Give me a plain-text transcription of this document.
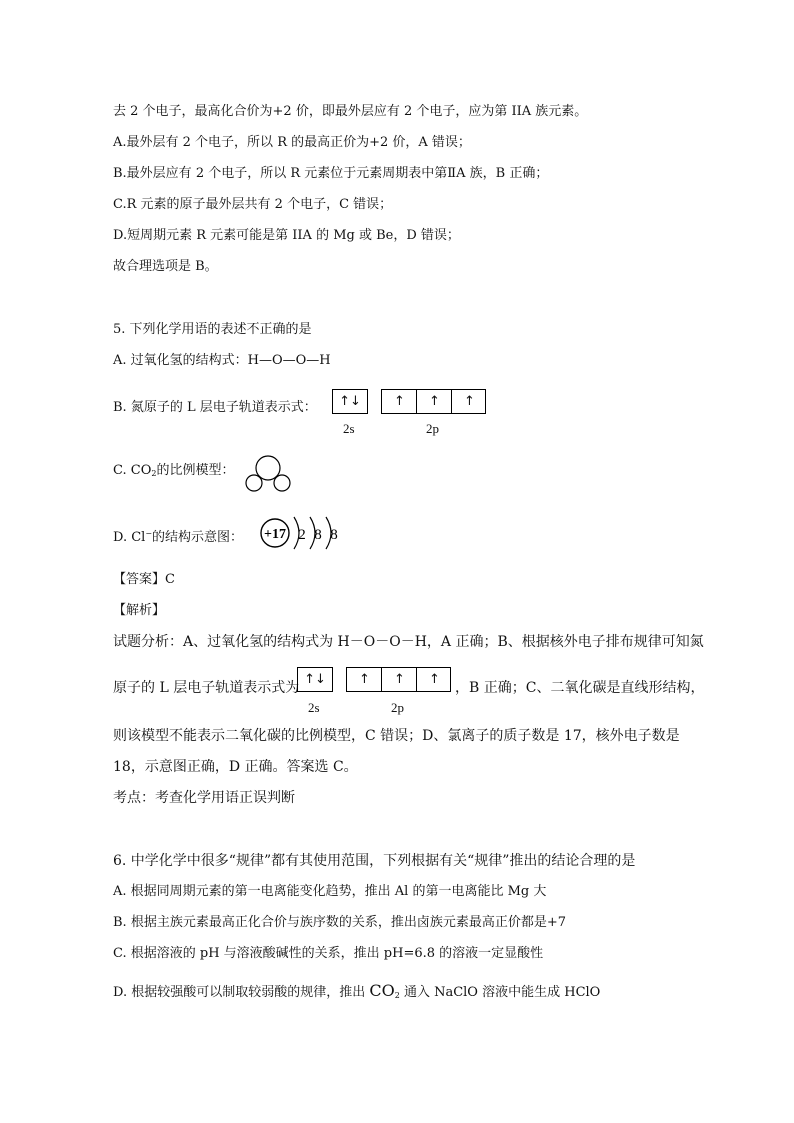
去 2 个电子，最高化合价为+2 价，即最外层应有 2 个电子，应为第 IIA 族元素。
A.最外层有 2 个电子，所以 R 的最高正价为+2 价，A 错误；
B.最外层应有 2 个电子，所以 R 元素位于元素周期表中第ⅡA 族，B 正确；
C.R 元素的原子最外层共有 2 个电子，C 错误；
D.短周期元素 R 元素可能是第 IIA 的 Mg 或 Be，D 错误；
故合理选项是 B。
5. 下列化学用语的表述不正确的是
A. 过氧化氢的结构式：H—O—O—H
B. 氮原子的 L 层电子轨道表示式：	↑↓	↑	↑	↑
2s	2p
C. $CO_2$的比例模型：
D. Cl−的结构示意图： +17 2 8 8
【答案】C
【解析】
试题分析：A、过氧化氢的结构式为 H－O－O－H，A 正确；B、根据核外电子排布规律可知氮
原子的 L 层电子轨道表示式为
↑↓	↑	↑	↑
2s	2p
，B 正确；C、二氧化碳是直线形结构，
则该模型不能表示二氧化碳的比例模型，C 错误；D、氯离子的质子数是 17，核外电子数是
18，示意图正确，D 正确。答案选 C。
考点：考查化学用语正误判断
6. 中学化学中很多“规律”都有其使用范围，下列根据有关“规律”推出的结论合理的是
A. 根据同周期元素的第一电离能变化趋势，推出 Al 的第一电离能比 Mg 大
B. 根据主族元素最高正化合价与族序数的关系，推出卤族元素最高正价都是+7
C. 根据溶液的 pH 与溶液酸碱性的关系，推出 pH=6.8 的溶液一定显酸性
D. 根据较强酸可以制取较弱酸的规律，推出 $CO_2$ 通入 NaClO 溶液中能生成 HClO
